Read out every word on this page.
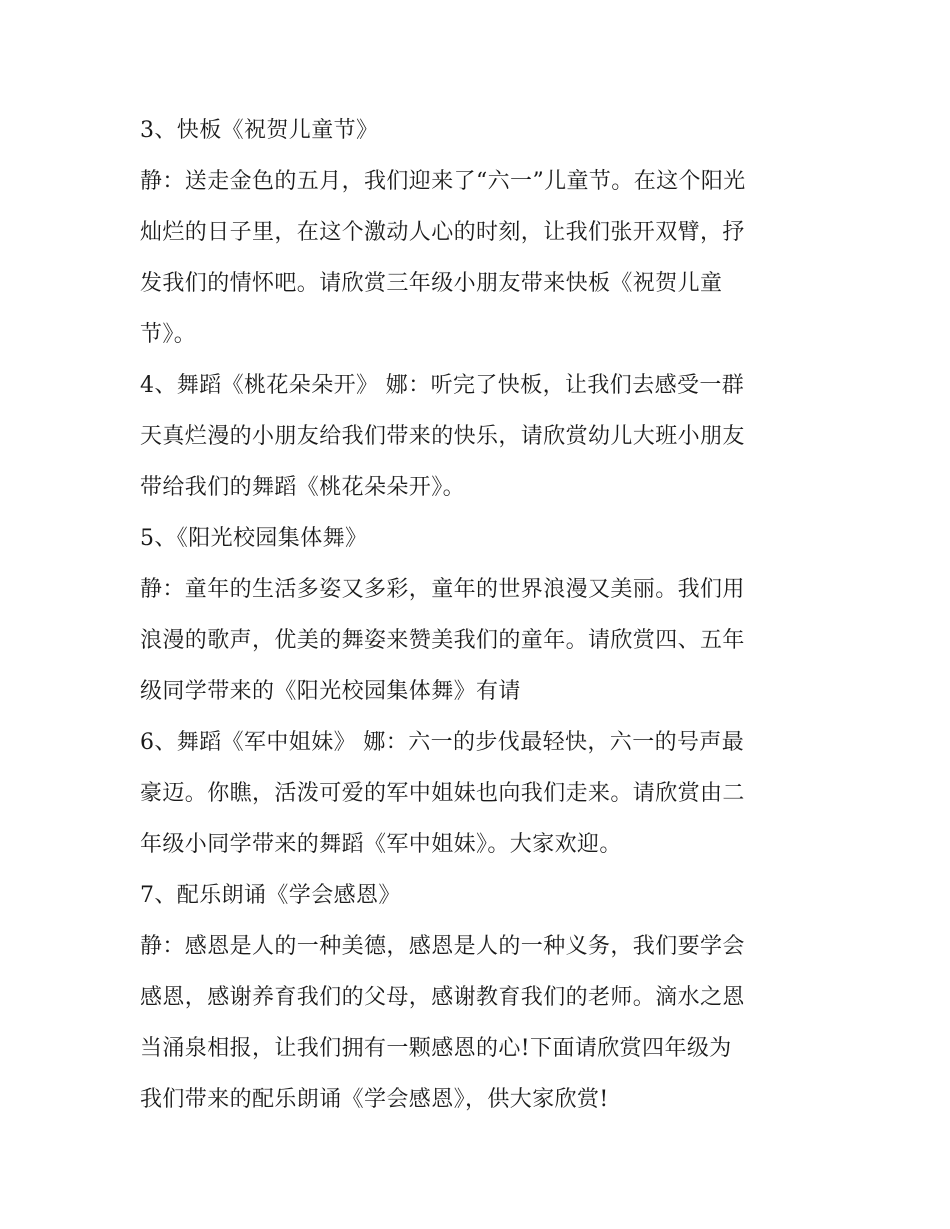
3、快板《祝贺儿童节》
静：送走金色的五月，我们迎来了“六一”儿童节。在这个阳光
灿烂的日子里，在这个激动人心的时刻，让我们张开双臂，抒
发我们的情怀吧。请欣赏三年级小朋友带来快板《祝贺儿童
节》。
4、舞蹈《桃花朵朵开》 娜：听完了快板，让我们去感受一群
天真烂漫的小朋友给我们带来的快乐，请欣赏幼儿大班小朋友
带给我们的舞蹈《桃花朵朵开》。
5、《阳光校园集体舞》
静：童年的生活多姿又多彩，童年的世界浪漫又美丽。我们用
浪漫的歌声，优美的舞姿来赞美我们的童年。请欣赏四、五年
级同学带来的《阳光校园集体舞》有请
6、舞蹈《军中姐妹》 娜：六一的步伐最轻快，六一的号声最
豪迈。你瞧，活泼可爱的军中姐妹也向我们走来。请欣赏由二
年级小同学带来的舞蹈《军中姐妹》。大家欢迎。
7、配乐朗诵《学会感恩》
静：感恩是人的一种美德，感恩是人的一种义务，我们要学会
感恩，感谢养育我们的父母，感谢教育我们的老师。滴水之恩
当涌泉相报，让我们拥有一颗感恩的心!下面请欣赏四年级为
我们带来的配乐朗诵《学会感恩》，供大家欣赏!
